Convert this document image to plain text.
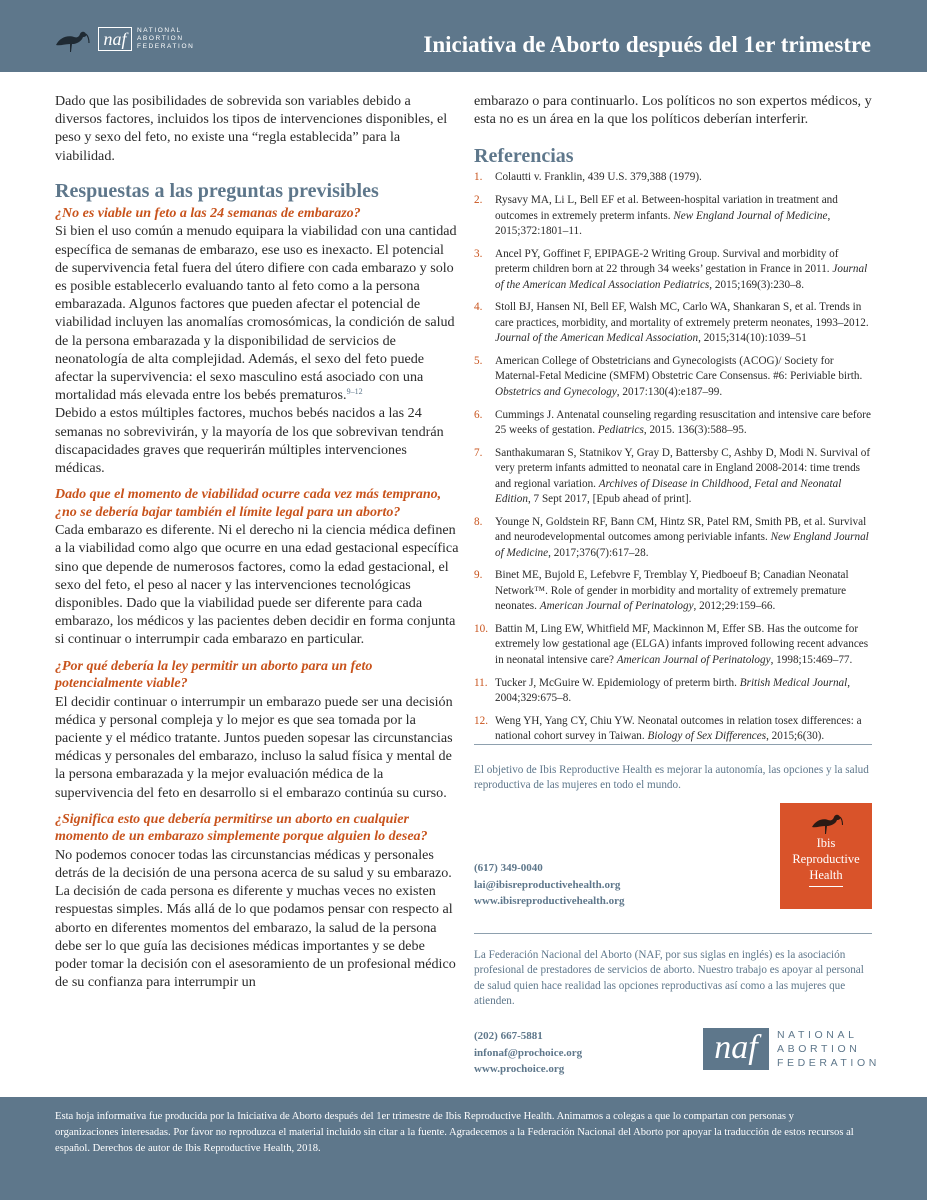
naf	NATIONAL
ABORTION
FEDERATION	Iniciativa de Aborto después del 1er trimestre

Dado que las posibilidades de sobrevida son variables debido a diversos factores, incluidos los tipos de intervenciones disponibles, el peso y sexo del feto, no existe una “regla establecida” para la viabilidad.

Respuestas a las preguntas previsibles
¿No es viable un feto a las 24 semanas de embarazo?

Si bien el uso común a menudo equipara la viabilidad con una cantidad específica de semanas de embarazo, ese uso es inexacto. El potencial de supervivencia fetal fuera del útero difiere con cada embarazo y solo es posible establecerlo evaluando tanto al feto como a la persona embarazada. Algunos factores que pueden afectar el potencial de viabilidad incluyen las anomalías cromosómicas, la condición de salud de la persona embarazada y la disponibilidad de servicios de neonatología de alta complejidad. Además, el sexo del feto puede afectar la supervivencia: el sexo masculino está asociado con una mortalidad más elevada entre los bebés prematuros.$^{9-12}$

Debido a estos múltiples factores, muchos bebés nacidos a las 24 semanas no sobrevivirán, y la mayoría de los que sobrevivan tendrán discapacidades graves que requerirán múltiples intervenciones médicas.

Dado que el momento de viabilidad ocurre cada vez más temprano, ¿no se debería bajar también el límite legal para un aborto?

Cada embarazo es diferente. Ni el derecho ni la ciencia médica definen a la viabilidad como algo que ocurre en una edad gestacional específica sino que depende de numerosos factores, como la edad gestacional, el sexo del feto, el peso al nacer y las intervenciones tecnológicas disponibles. Dado que la viabilidad puede ser diferente para cada embarazo, los médicos y las pacientes deben decidir en forma conjunta si continuar o interrumpir cada embarazo en particular.

¿Por qué debería la ley permitir un aborto para un feto potencialmente viable?

El decidir continuar o interrumpir un embarazo puede ser una decisión médica y personal compleja y lo mejor es que sea tomada por la paciente y el médico tratante. Juntos pueden sopesar las circunstancias médicas y personales del embarazo, incluso la salud física y mental de la persona embarazada y la mejor evaluación médica de la supervivencia del feto en desarrollo si el embarazo continúa su curso.

¿Significa esto que debería permitirse un aborto en cualquier momento de un embarazo simplemente porque alguien lo desea?

No podemos conocer todas las circunstancias médicas y personales detrás de la decisión de una persona acerca de su salud y su embarazo. La decisión de cada persona es diferente y muchas veces no existen respuestas simples. Más allá de lo que podamos pensar con respecto al aborto en diferentes momentos del embarazo, la salud de la persona debe ser lo que guía las decisiones médicas importantes y se debe poder tomar la decisión con el asesoramiento de un profesional médico de su confianza para interrumpir un

embarazo o para continuarlo. Los políticos no son expertos médicos, y esta no es un área en la que los políticos deberían interferir.

Referencias
1.	Colautti v. Franklin, 439 U.S. 379,388 (1979).
2.	Rysavy MA, Li L, Bell EF et al. Between-hospital variation in treatment and outcomes in extremely preterm infants. New England Journal of Medicine, 2015;372:1801–11.
3.	Ancel PY, Goffinet F, EPIPAGE-2 Writing Group. Survival and morbidity of preterm children born at 22 through 34 weeks’ gestation in France in 2011. Journal of the American Medical Association Pediatrics, 2015;169(3):230–8.
4.	Stoll BJ, Hansen NI, Bell EF, Walsh MC, Carlo WA, Shankaran S, et al. Trends in care practices, morbidity, and mortality of extremely preterm neonates, 1993–2012. Journal of the American Medical Association, 2015;314(10):1039–51
5.	American College of Obstetricians and Gynecologists (ACOG)/ Society for Maternal-Fetal Medicine (SMFM) Obstetric Care Consensus. #6: Periviable birth. Obstetrics and Gynecology, 2017:130(4):e187–99.
6.	Cummings J. Antenatal counseling regarding resuscitation and intensive care before 25 weeks of gestation. Pediatrics, 2015. 136(3):588–95.
7.	Santhakumaran S, Statnikov Y, Gray D, Battersby C, Ashby D, Modi N. Survival of very preterm infants admitted to neonatal care in England 2008-2014: time trends and regional variation. Archives of Disease in Childhood, Fetal and Neonatal Edition, 7 Sept 2017, [Epub ahead of print].
8.	Younge N, Goldstein RF, Bann CM, Hintz SR, Patel RM, Smith PB, et al. Survival and neurodevelopmental outcomes among periviable infants. New England Journal of Medicine, 2017;376(7):617–28.
9.	Binet ME, Bujold E, Lefebvre F, Tremblay Y, Piedboeuf B; Canadian Neonatal Network™. Role of gender in morbidity and mortality of extremely premature neonates. American Journal of Perinatology, 2012;29:159–66.
10. Battin M, Ling EW, Whitfield MF, Mackinnon M, Effer SB. Has the outcome for extremely low gestational age (ELGA) infants improved following recent advances in neonatal intensive care? American Journal of Perinatology, 1998;15:469–77.
11. Tucker J, McGuire W. Epidemiology of preterm birth. British Medical Journal, 2004;329:675–8.
12. Weng YH, Yang CY, Chiu YW. Neonatal outcomes in relation tosex differences: a national cohort survey in Taiwan. Biology of Sex Differences, 2015;6(30).
El objetivo de Ibis Reproductive Health es mejorar la autonomía, las opciones y la salud reproductiva de las mujeres en todo el mundo.
Ibis
Reproductive
Health
(617) 349-0040
lai@ibisreproductivehealth.org
www.ibisreproductivehealth.org
La Federación Nacional del Aborto (NAF, por sus siglas en inglés) es la asociación profesional de prestadores de servicios de aborto. Nuestro trabajo es apoyar al personal de salud quien hace realidad las opciones reproductivas así como a las mujeres que atienden.
(202) 667-5881
infonaf@prochoice.org
www.prochoice.org
naf	NATIONAL
ABORTION
FEDERATION
Esta hoja informativa fue producida por la Iniciativa de Aborto después del 1er trimestre de Ibis Reproductive Health. Animamos a colegas a que lo compartan con personas y organizaciones interesadas. Por favor no reproduzca el material incluido sin citar a la fuente. Agradecemos a la Federación Nacional del Aborto por apoyar la traducción de estos recursos al español. Derechos de autor de Ibis Reproductive Health, 2018.
